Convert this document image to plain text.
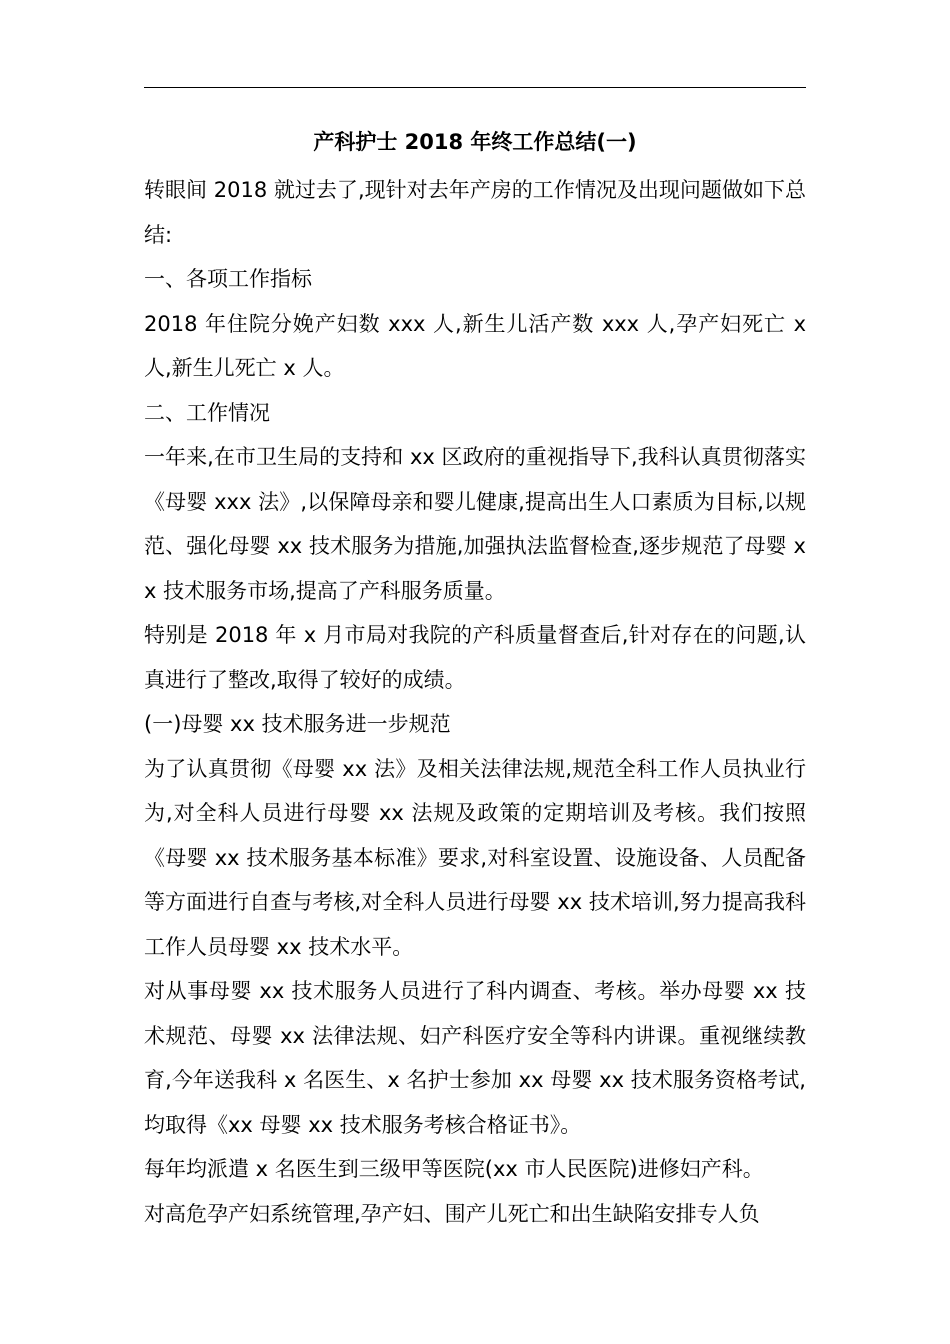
产科护士 2018 年终工作总结(一)

转眼间 2018 就过去了,现针对去年产房的工作情况及出现问题做如下总结:

一、各项工作指标

2018 年住院分娩产妇数 xxx 人,新生儿活产数 xxx 人,孕产妇死亡 x 人,新生儿死亡 x 人。

二、工作情况

一年来,在市卫生局的支持和 xx 区政府的重视指导下,我科认真贯彻落实《母婴 xxx 法》,以保障母亲和婴儿健康,提高出生人口素质为目标,以规范、强化母婴 xx 技术服务为措施,加强执法监督检查,逐步规范了母婴 xx 技术服务市场,提高了产科服务质量。

特别是 2018 年 x 月市局对我院的产科质量督查后,针对存在的问题,认真进行了整改,取得了较好的成绩。

(一)母婴 xx 技术服务进一步规范

为了认真贯彻《母婴 xx 法》及相关法律法规,规范全科工作人员执业行为,对全科人员进行母婴 xx 法规及政策的定期培训及考核。我们按照《母婴 xx 技术服务基本标准》要求,对科室设置、设施设备、人员配备等方面进行自查与考核,对全科人员进行母婴 xx 技术培训,努力提高我科工作人员母婴 xx 技术水平。

对从事母婴 xx 技术服务人员进行了科内调查、考核。举办母婴 xx 技术规范、母婴 xx 法律法规、妇产科医疗安全等科内讲课。重视继续教育,今年送我科 x 名医生、x 名护士参加 xx 母婴 xx 技术服务资格考试,均取得《xx 母婴 xx 技术服务考核合格证书》。

每年均派遣 x 名医生到三级甲等医院(xx 市人民医院)进修妇产科。

对高危孕产妇系统管理,孕产妇、围产儿死亡和出生缺陷安排专人负
